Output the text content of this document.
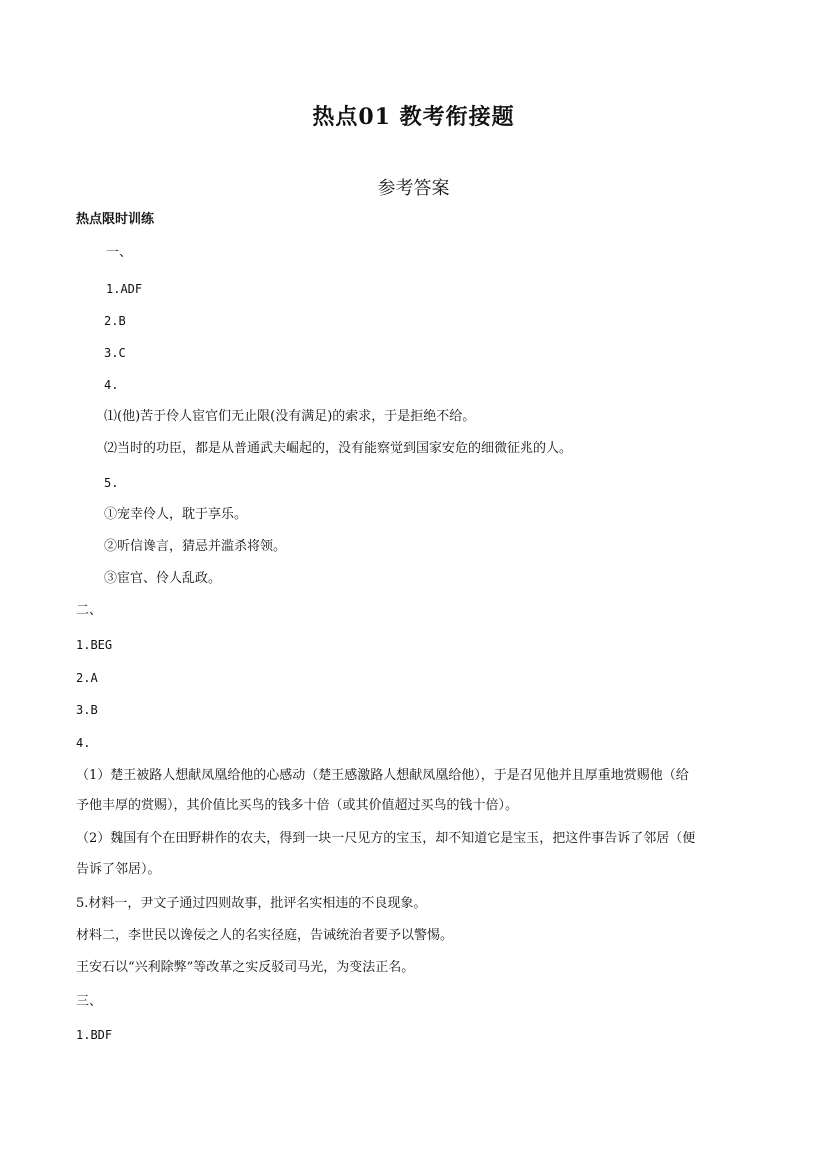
热点01 教考衔接题
参考答案
热点限时训练
一、
1.ADF
2.B
3.C
4.
⑴(他)苦于伶人宦官们无止限(没有满足)的索求，于是拒绝不给。
⑵当时的功臣，都是从普通武夫崛起的，没有能察觉到国家安危的细微征兆的人。
5.
①宠幸伶人，耽于享乐。
②听信谗言，猜忌并滥杀将领。
③宦官、伶人乱政。
二、
1.BEG
2.A
3.B
4.
（1）楚王被路人想献凤凰给他的心感动（楚王感激路人想献凤凰给他），于是召见他并且厚重地赏赐他（给
予他丰厚的赏赐），其价值比买鸟的钱多十倍（或其价值超过买鸟的钱十倍）。
（2）魏国有个在田野耕作的农夫，得到一块一尺见方的宝玉，却不知道它是宝玉，把这件事告诉了邻居（便
告诉了邻居）。
5.材料一，尹文子通过四则故事，批评名实相违的不良现象。
材料二，李世民以谗佞之人的名实径庭，告诫统治者要予以警惕。
王安石以“兴利除弊”等改革之实反驳司马光，为变法正名。
三、
1.BDF
